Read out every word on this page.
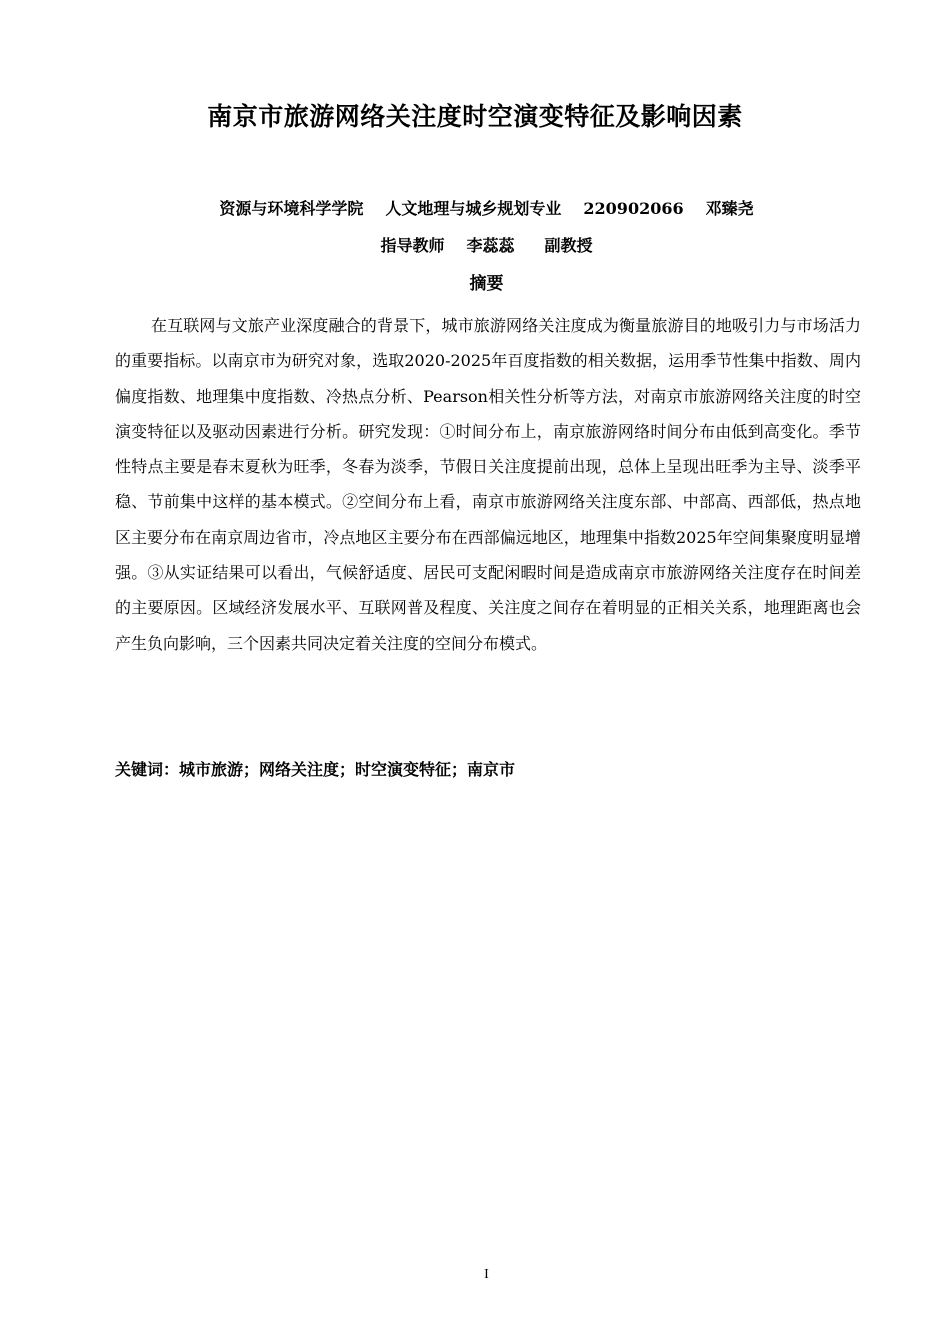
南京市旅游网络关注度时空演变特征及影响因素
资源与环境科学学院 人文地理与城乡规划专业 220902066 邓臻尧
指导教师 李蕊蕊 副教授
摘要

在互联网与文旅产业深度融合的背景下，城市旅游网络关注度成为衡量旅游目的地吸引力与市场活力的重要指标。以南京市为研究对象，选取2020-2025年百度指数的相关数据，运用季节性集中指数、周内偏度指数、地理集中度指数、冷热点分析、Pearson相关性分析等方法，对南京市旅游网络关注度的时空演变特征以及驱动因素进行分析。研究发现：①时间分布上，南京旅游网络时间分布由低到高变化。季节性特点主要是春末夏秋为旺季，冬春为淡季，节假日关注度提前出现，总体上呈现出旺季为主导、淡季平稳、节前集中这样的基本模式。②空间分布上看，南京市旅游网络关注度东部、中部高、西部低，热点地区主要分布在南京周边省市，冷点地区主要分布在西部偏远地区，地理集中指数2025年空间集聚度明显增强。③从实证结果可以看出，气候舒适度、居民可支配闲暇时间是造成南京市旅游网络关注度存在时间差的主要原因。区域经济发展水平、互联网普及程度、关注度之间存在着明显的正相关关系，地理距离也会产生负向影响，三个因素共同决定着关注度的空间分布模式。

关键词：城市旅游；网络关注度；时空演变特征；南京市
I
